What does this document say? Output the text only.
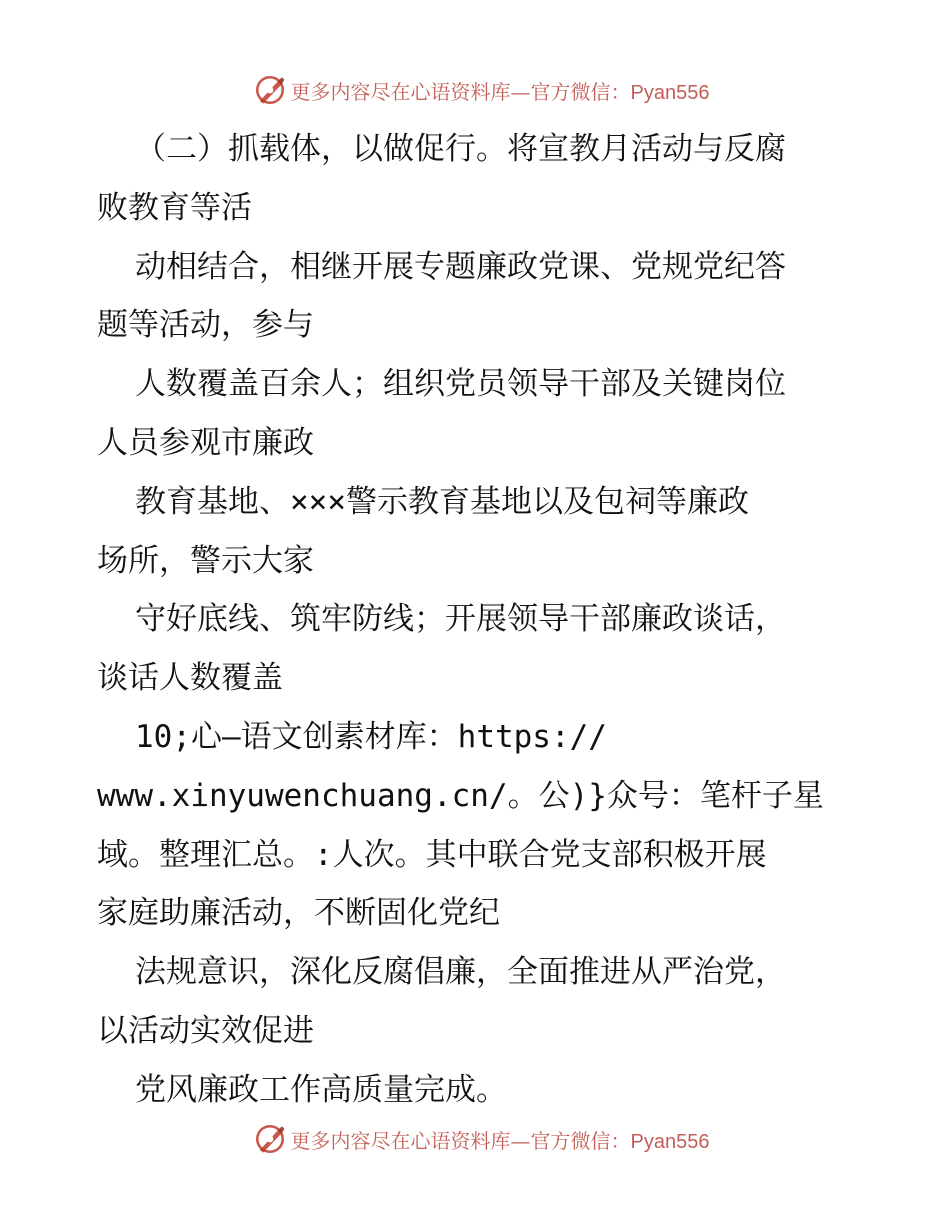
更多内容尽在心语资料库—官方微信：Pyan556
（二）抓载体，以做促行。将宣教月活动与反腐
败教育等活
动相结合，相继开展专题廉政党课、党规党纪答
题等活动，参与
人数覆盖百余人；组织党员领导干部及关键岗位
人员参观市廉政
教育基地、×××警示教育基地以及包祠等廉政
场所，警示大家
守好底线、筑牢防线；开展领导干部廉政谈话，
谈话人数覆盖
10;心—语文创素材库：https://
www.xinyuwenchuang.cn/。公)}众号：笔杆子星
域。整理汇总。:人次。其中联合党支部积极开展
家庭助廉活动，不断固化党纪
法规意识，深化反腐倡廉，全面推进从严治党，
以活动实效促进
党风廉政工作高质量完成。
更多内容尽在心语资料库—官方微信：Pyan556
